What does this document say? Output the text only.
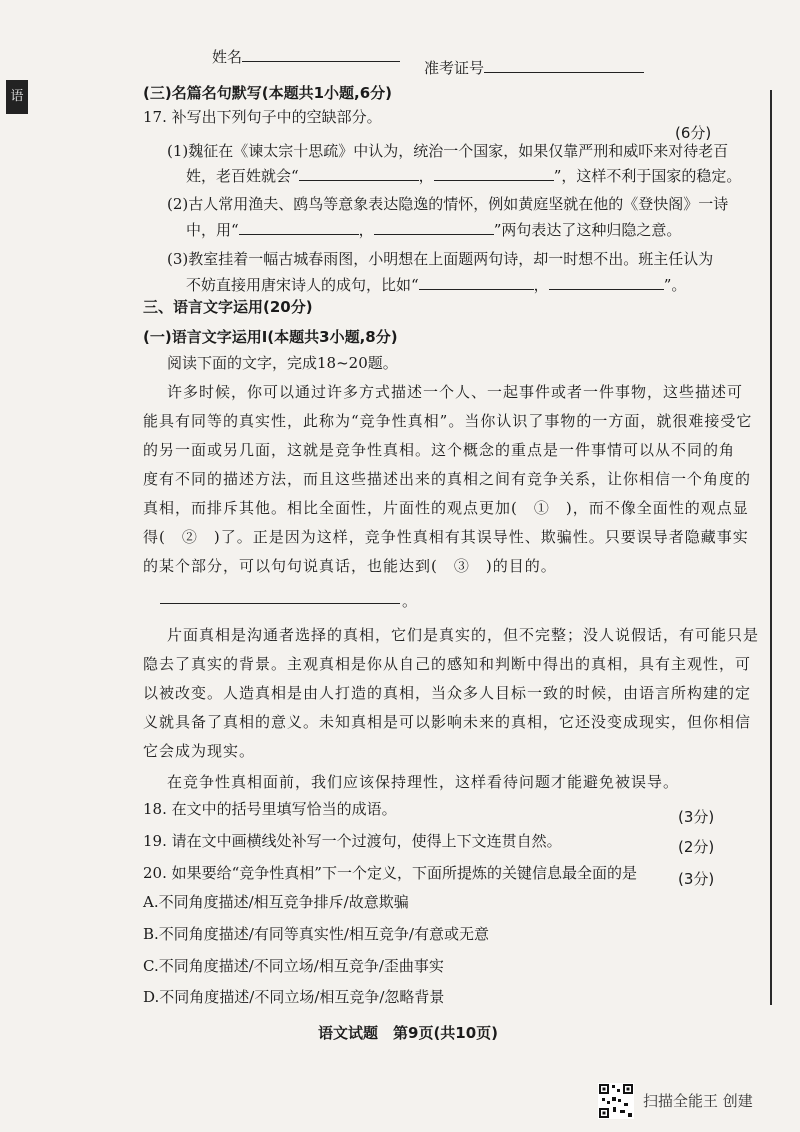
语
姓名
准考证号
(三)名篇名句默写(本题共1小题,6分)
17. 补写出下列句子中的空缺部分。
(6分)
(1)魏征在《谏太宗十思疏》中认为，统治一个国家，如果仅靠严刑和威吓来对待老百
姓，老百姓就会“	，	”，这样不利于国家的稳定。
(2)古人常用渔夫、鸥鸟等意象表达隐逸的情怀，例如黄庭坚就在他的《登快阁》一诗
中，用“	，	”两句表达了这种归隐之意。
(3)教室挂着一幅古城春雨图，小明想在上面题两句诗，却一时想不出。班主任认为
不妨直接用唐宋诗人的成句，比如“	，	”。
三、语言文字运用(20分)
(一)语言文字运用Ⅰ(本题共3小题,8分)
阅读下面的文字，完成18~20题。
许多时候，你可以通过许多方式描述一个人、一起事件或者一件事物，这些描述可
能具有同等的真实性，此称为“竞争性真相”。当你认识了事物的一方面，就很难接受它
的另一面或另几面，这就是竞争性真相。这个概念的重点是一件事情可以从不同的角
度有不同的描述方法，而且这些描述出来的真相之间有竞争关系，让你相信一个角度的
真相，而排斥其他。相比全面性，片面性的观点更加(　①　)，而不像全面性的观点显
得(　②　)了。正是因为这样，竞争性真相有其误导性、欺骗性。只要误导者隐藏事实
的某个部分，可以句句说真话，也能达到(　③　)的目的。
。
片面真相是沟通者选择的真相，它们是真实的，但不完整；没人说假话，有可能只是
隐去了真实的背景。主观真相是你从自己的感知和判断中得出的真相，具有主观性，可
以被改变。人造真相是由人打造的真相，当众多人目标一致的时候，由语言所构建的定
义就具备了真相的意义。未知真相是可以影响未来的真相，它还没变成现实，但你相信
它会成为现实。
在竞争性真相面前，我们应该保持理性，这样看待问题才能避免被误导。
18. 在文中的括号里填写恰当的成语。	(3分)
19. 请在文中画横线处补写一个过渡句，使得上下文连贯自然。	(2分)
20. 如果要给“竞争性真相”下一个定义，下面所提炼的关键信息最全面的是	(3分)
A.不同角度描述/相互竞争排斥/故意欺骗
B.不同角度描述/有同等真实性/相互竞争/有意或无意
C.不同角度描述/不同立场/相互竞争/歪曲事实
D.不同角度描述/不同立场/相互竞争/忽略背景
语文试题　第9页(共10页)
扫描全能王 创建
